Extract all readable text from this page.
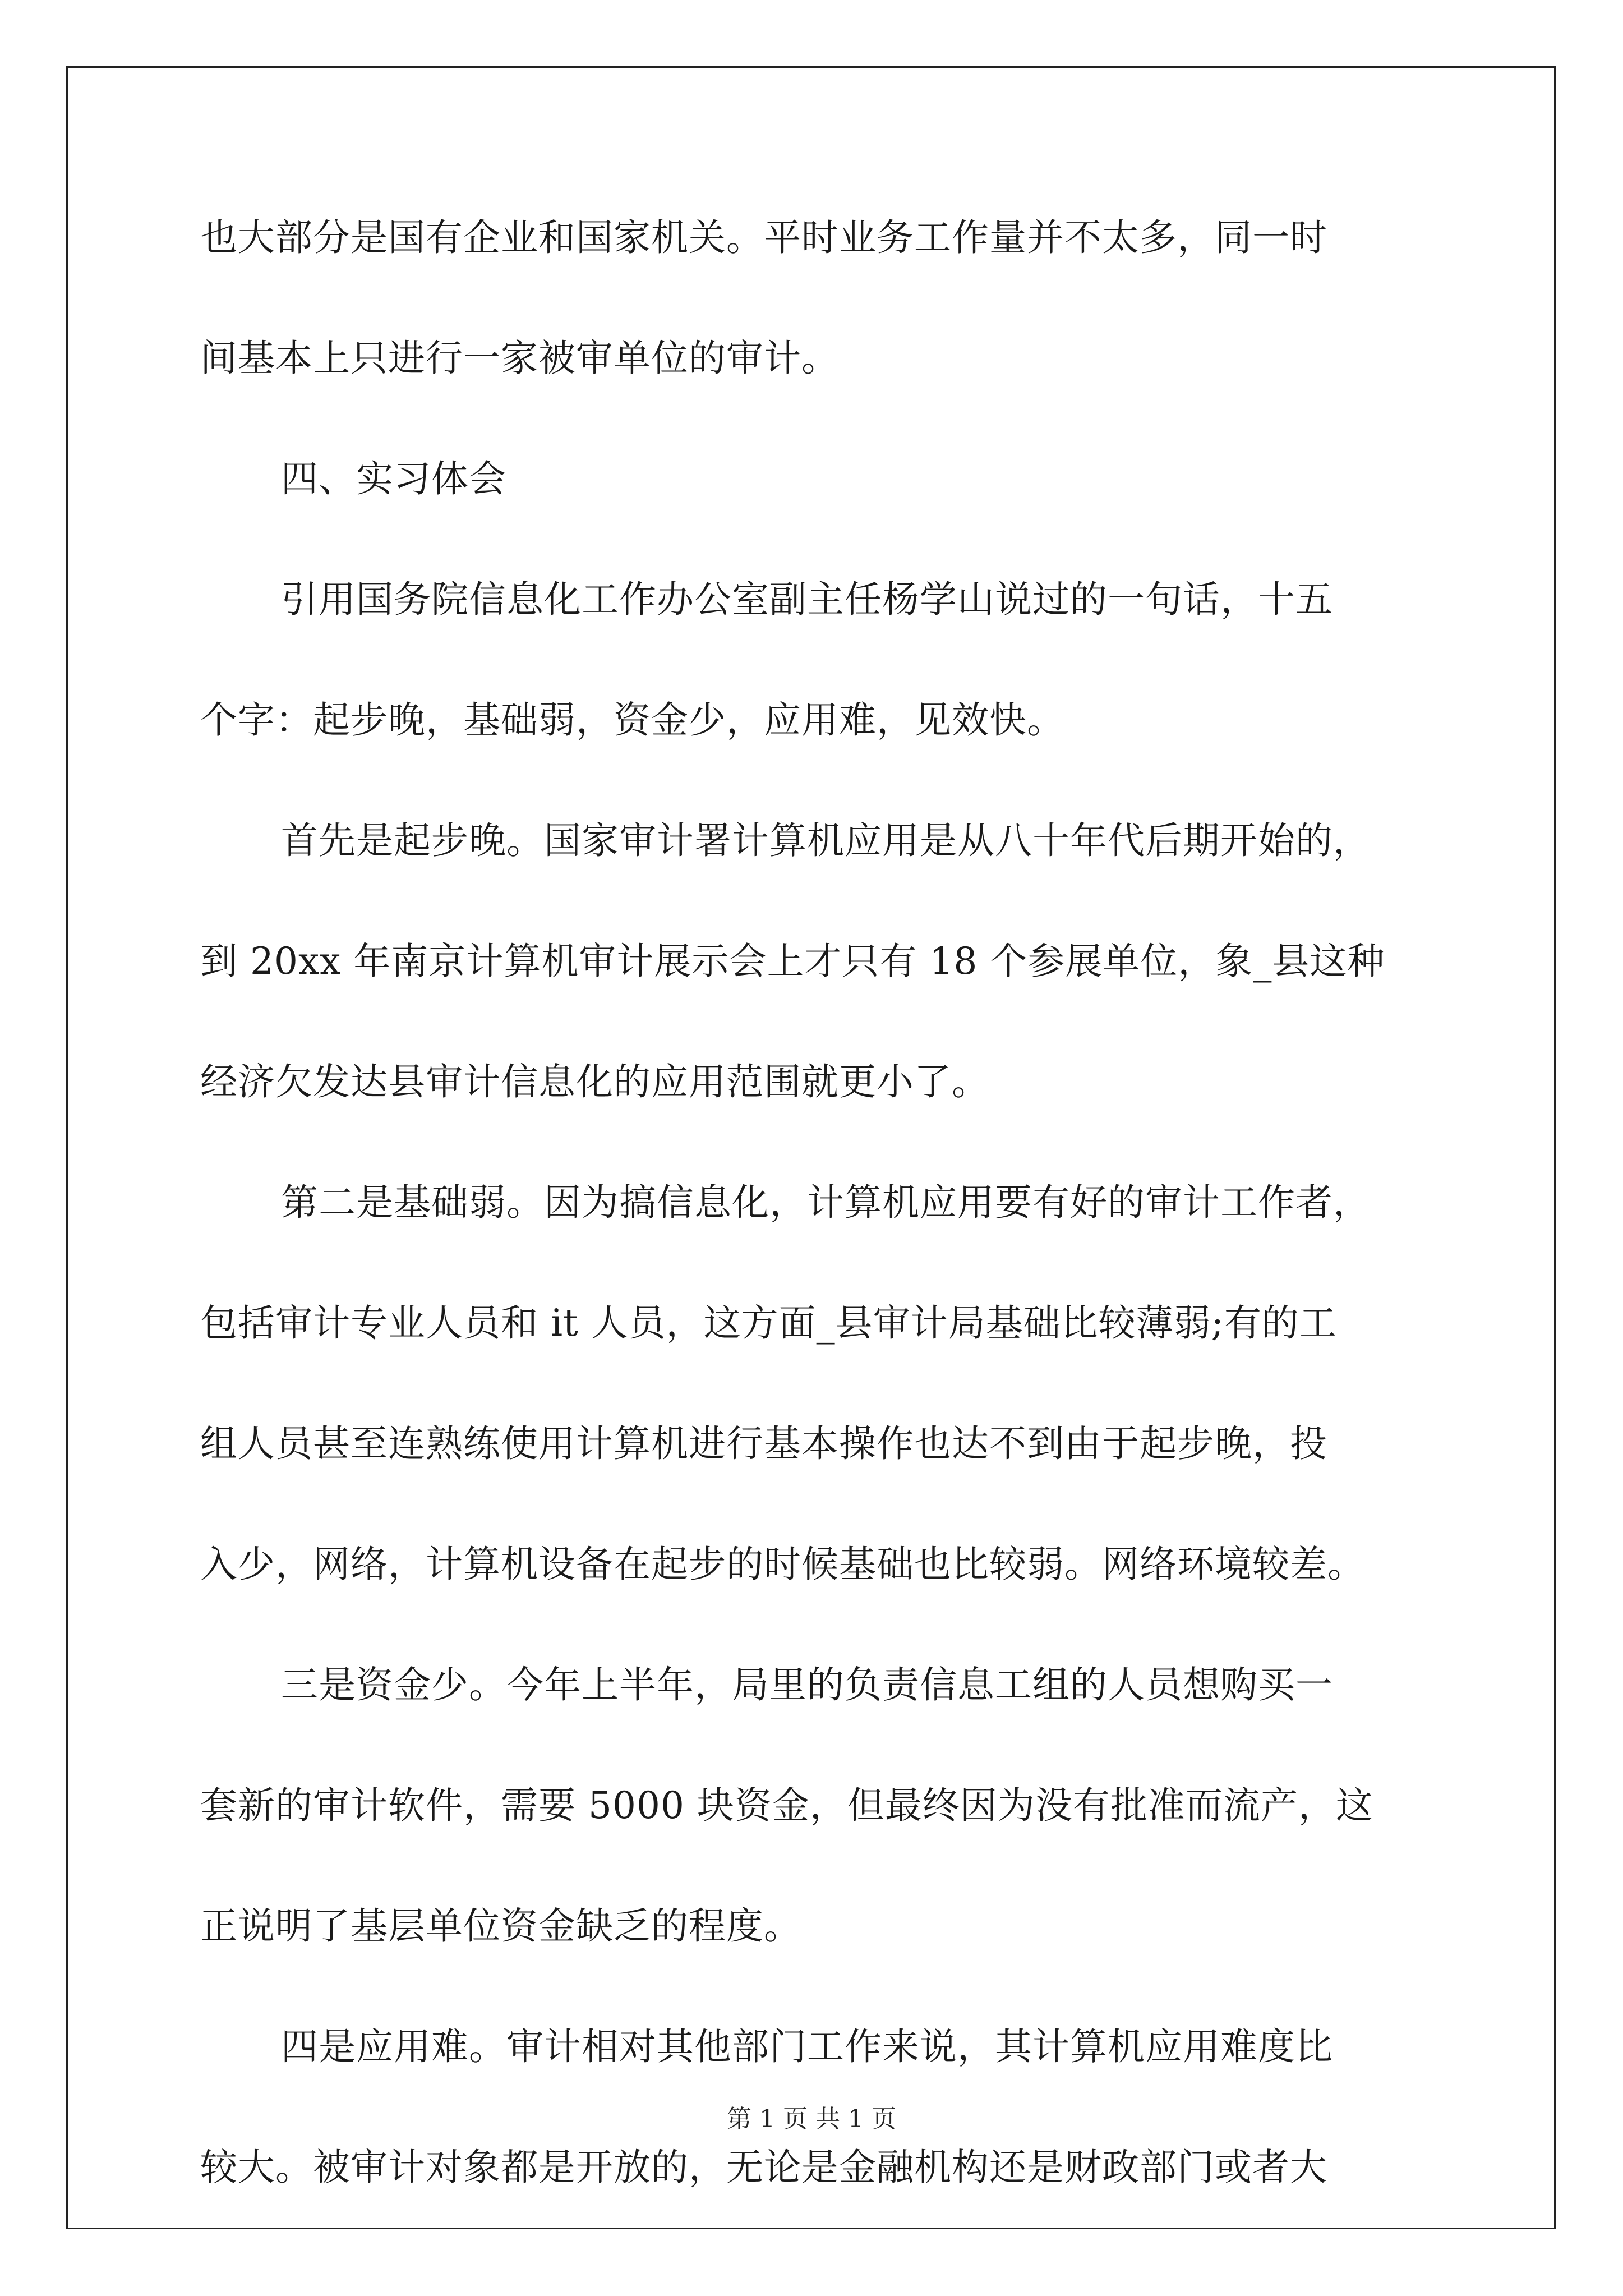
也大部分是国有企业和国家机关。平时业务工作量并不太多，同一时
间基本上只进行一家被审单位的审计。
四、实习体会
引用国务院信息化工作办公室副主任杨学山说过的一句话，十五
个字：起步晚，基础弱，资金少，应用难，见效快。
首先是起步晚。国家审计署计算机应用是从八十年代后期开始的，
到 20xx 年南京计算机审计展示会上才只有 18 个参展单位，象_县这种
经济欠发达县审计信息化的应用范围就更小了。
第二是基础弱。因为搞信息化，计算机应用要有好的审计工作者，
包括审计专业人员和 it 人员，这方面_县审计局基础比较薄弱;有的工
组人员甚至连熟练使用计算机进行基本操作也达不到由于起步晚，投
入少，网络，计算机设备在起步的时候基础也比较弱。网络环境较差。
三是资金少。今年上半年，局里的负责信息工组的人员想购买一
套新的审计软件，需要 5000 块资金，但最终因为没有批准而流产，这
正说明了基层单位资金缺乏的程度。
四是应用难。审计相对其他部门工作来说，其计算机应用难度比
较大。被审计对象都是开放的，无论是金融机构还是财政部门或者大
第 1 页 共 1 页
